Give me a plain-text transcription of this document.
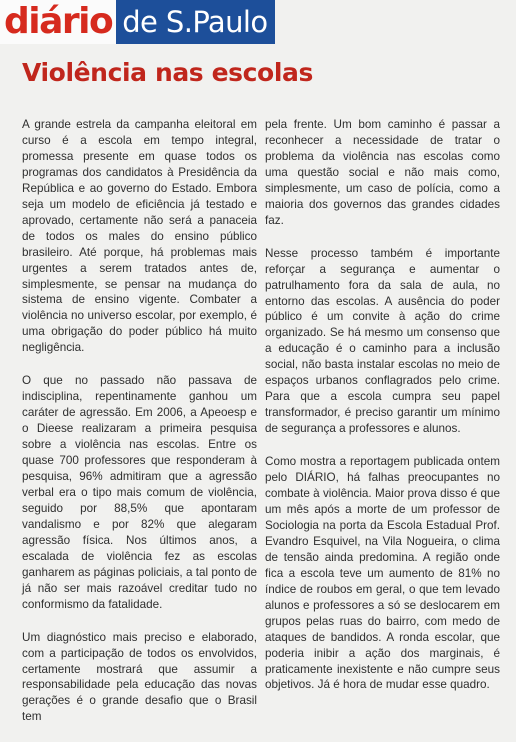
diário de S.Paulo
Violência nas escolas

A grande estrela da campanha eleitoral em curso é a escola em tempo integral, promessa presente em quase todos os programas dos candidatos à Presidência da República e ao governo do Estado. Embora seja um modelo de eficiência já testado e aprovado, certamente não será a panaceia de todos os males do ensino público brasileiro. Até porque, há problemas mais urgentes a serem tratados antes de, simplesmente, se pensar na mudança do sistema de ensino vigente. Combater a violência no universo escolar, por exemplo, é uma obrigação do poder público há muito negligência.

O que no passado não passava de indisciplina, repentinamente ganhou um caráter de agressão. Em 2006, a Apeoesp e o Dieese realizaram a primeira pesquisa sobre a violência nas escolas. Entre os quase 700 professores que responderam à pesquisa, 96% admitiram que a agressão verbal era o tipo mais comum de violência, seguido por 88,5% que apontaram vandalismo e por 82% que alegaram agressão física. Nos últimos anos, a escalada de violência fez as escolas ganharem as páginas policiais, a tal ponto de já não ser mais razoável creditar tudo no conformismo da fatalidade.

Um diagnóstico mais preciso e elaborado, com a participação de todos os envolvidos, certamente mostrará que assumir a responsabilidade pela educação das novas gerações é o grande desafio que o Brasil tem

pela frente. Um bom caminho é passar a reconhecer a necessidade de tratar o problema da violência nas escolas como uma questão social e não mais como, simplesmente, um caso de polícia, como a maioria dos governos das grandes cidades faz.

Nesse processo também é importante reforçar a segurança e aumentar o patrulhamento fora da sala de aula, no entorno das escolas. A ausência do poder público é um convite à ação do crime organizado. Se há mesmo um consenso que a educação é o caminho para a inclusão social, não basta instalar escolas no meio de espaços urbanos conflagrados pelo crime. Para que a escola cumpra seu papel transformador, é preciso garantir um mínimo de segurança a professores e alunos.

Como mostra a reportagem publicada ontem pelo DIÁRIO, há falhas preocupantes no combate à violência. Maior prova disso é que um mês após a morte de um professor de Sociologia na porta da Escola Estadual Prof. Evandro Esquivel, na Vila Nogueira, o clima de tensão ainda predomina. A região onde fica a escola teve um aumento de 81% no índice de roubos em geral, o que tem levado alunos e professores a só se deslocarem em grupos pelas ruas do bairro, com medo de ataques de bandidos. A ronda escolar, que poderia inibir a ação dos marginais, é praticamente inexistente e não cumpre seus objetivos. Já é hora de mudar esse quadro.
